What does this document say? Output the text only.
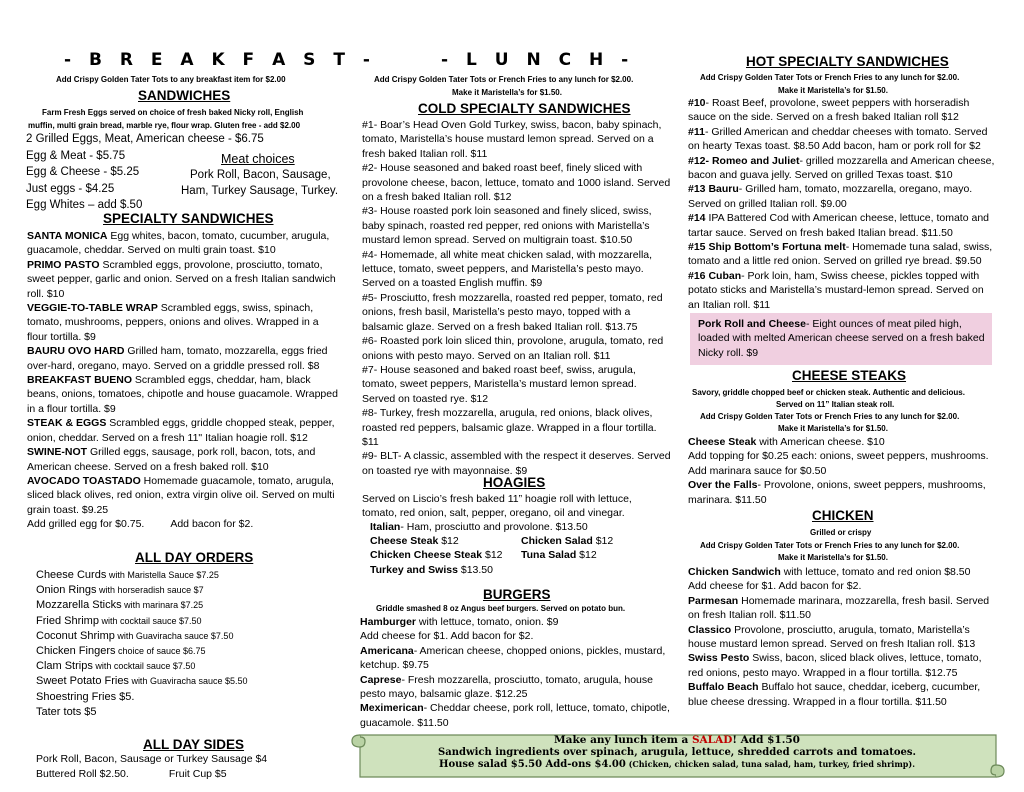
- B R E A K F A S T -
Add Crispy Golden Tater Tots to any breakfast item for $2.00
SANDWICHES
Farm Fresh Eggs served on choice of fresh baked Nicky roll, English
muffin, multi grain bread, marble rye, flour wrap. Gluten free - add $2.00
2 Grilled Eggs, Meat, American cheese - $6.75
Egg & Meat - $5.75
Egg & Cheese - $5.25
Just eggs - $4.25
Egg Whites – add $.50
Meat choices
Pork Roll, Bacon, Sausage,
Ham, Turkey Sausage, Turkey.
SPECIALTY SANDWICHES
SANTA MONICA Egg whites, bacon, tomato, cucumber, arugula, guacamole, cheddar. Served on multi grain toast. $10
PRIMO PASTO Scrambled eggs, provolone, prosciutto, tomato, sweet pepper, garlic and onion. Served on a fresh Italian sandwich roll. $10
VEGGIE-TO-TABLE WRAP Scrambled eggs, swiss, spinach, tomato, mushrooms, peppers, onions and olives. Wrapped in a flour tortilla. $9
BAURU OVO HARD Grilled ham, tomato, mozzarella, eggs fried over-hard, oregano, mayo. Served on a griddle pressed roll. $8
BREAKFAST BUENO Scrambled eggs, cheddar, ham, black beans, onions, tomatoes, chipotle and house guacamole. Wrapped in a flour tortilla. $9
STEAK & EGGS Scrambled eggs, griddle chopped steak, pepper, onion, cheddar. Served on a fresh 11" Italian hoagie roll. $12
SWINE-NOT Grilled eggs, sausage, pork roll, bacon, tots, and American cheese. Served on a fresh baked roll. $10
AVOCADO TOASTADO Homemade guacamole, tomato, arugula, sliced black olives, red onion, extra virgin olive oil. Served on multi grain toast. $9.25
Add grilled egg for $0.75. Add bacon for $2.
ALL DAY ORDERS
Cheese Curds with Maristella Sauce $7.25
Onion Rings with horseradish sauce $7
Mozzarella Sticks with marinara $7.25
Fried Shrimp with cocktail sauce $7.50
Coconut Shrimp with Guaviracha sauce $7.50
Chicken Fingers choice of sauce $6.75
Clam Strips with cocktail sauce $7.50
Sweet Potato Fries with Guaviracha sauce $5.50
Shoestring Fries $5.
Tater tots $5
ALL DAY SIDES
Pork Roll, Bacon, Sausage or Turkey Sausage $4
Buttered Roll $2.50.	Fruit Cup $5
- L U N C H -
Add Crispy Golden Tater Tots or French Fries to any lunch for $2.00.
Make it Maristella’s for $1.50.
COLD SPECIALTY SANDWICHES
#1- Boar’s Head Oven Gold Turkey, swiss, bacon, baby spinach, tomato, Maristella’s house mustard lemon spread. Served on a fresh baked Italian roll. $11
#2- House seasoned and baked roast beef, finely sliced with provolone cheese, bacon, lettuce, tomato and 1000 island. Served on a fresh baked Italian roll. $12
#3- House roasted pork loin seasoned and finely sliced, swiss, baby spinach, roasted red pepper, red onions with Maristella’s mustard lemon spread. Served on multigrain toast. $10.50
#4- Homemade, all white meat chicken salad, with mozzarella, lettuce, tomato, sweet peppers, and Maristella’s pesto mayo. Served on a toasted English muffin. $9
#5- Prosciutto, fresh mozzarella, roasted red pepper, tomato, red onions, fresh basil, Maristella’s pesto mayo, topped with a balsamic glaze. Served on a fresh baked Italian roll. $13.75
#6- Roasted pork loin sliced thin, provolone, arugula, tomato, red onions with pesto mayo. Served on an Italian roll. $11
#7- House seasoned and baked roast beef, swiss, arugula, tomato, sweet peppers, Maristella’s mustard lemon spread. Served on toasted rye. $12
#8- Turkey, fresh mozzarella, arugula, red onions, black olives, roasted red peppers, balsamic glaze. Wrapped in a flour tortilla. $11
#9- BLT- A classic, assembled with the respect it deserves. Served on toasted rye with mayonnaise. $9
HOAGIES
Served on Liscio’s fresh baked 11” hoagie roll with lettuce, tomato, red onion, salt, pepper, oregano, oil and vinegar.
Italian- Ham, prosciutto and provolone. $13.50
Cheese Steak $12	Chicken Salad $12
Chicken Cheese Steak $12 Tuna Salad $12
Turkey and Swiss $13.50
BURGERS
Griddle smashed 8 oz Angus beef burgers. Served on potato bun.
Hamburger with lettuce, tomato, onion. $9
Add cheese for $1. Add bacon for $2.
Americana- American cheese, chopped onions, pickles, mustard, ketchup. $9.75
Caprese- Fresh mozzarella, prosciutto, tomato, arugula, house pesto mayo, balsamic glaze. $12.25
Meximerican- Cheddar cheese, pork roll, lettuce, tomato, chipotle, guacamole. $11.50
HOT SPECIALTY SANDWICHES
Add Crispy Golden Tater Tots or French Fries to any lunch for $2.00.
Make it Maristella’s for $1.50.
#10- Roast Beef, provolone, sweet peppers with horseradish sauce on the side. Served on a fresh baked Italian roll $12
#11- Grilled American and cheddar cheeses with tomato. Served on hearty Texas toast. $8.50 Add bacon, ham or pork roll for $2
#12- Romeo and Juliet- grilled mozzarella and American cheese, bacon and guava jelly. Served on grilled Texas toast. $10
#13 Bauru- Grilled ham, tomato, mozzarella, oregano, mayo. Served on grilled Italian roll. $9.00
#14 IPA Battered Cod with American cheese, lettuce, tomato and tartar sauce. Served on fresh baked Italian bread. $11.50
#15 Ship Bottom’s Fortuna melt- Homemade tuna salad, swiss, tomato and a little red onion. Served on grilled rye bread. $9.50
#16 Cuban- Pork loin, ham, Swiss cheese, pickles topped with potato sticks and Maristella’s mustard-lemon spread. Served on an Italian roll. $11
Pork Roll and Cheese- Eight ounces of meat piled high, loaded with melted American cheese served on a fresh baked Nicky roll. $9
CHEESE STEAKS
Savory, griddle chopped beef or chicken steak. Authentic and delicious.
Served on 11” Italian steak roll.
Add Crispy Golden Tater Tots or French Fries to any lunch for $2.00.
Make it Maristella’s for $1.50.
Cheese Steak with American cheese. $10
Add topping for $0.25 each: onions, sweet peppers, mushrooms.
Add marinara sauce for $0.50
Over the Falls- Provolone, onions, sweet peppers, mushrooms, marinara. $11.50
CHICKEN
Grilled or crispy
Add Crispy Golden Tater Tots or French Fries to any lunch for $2.00.
Make it Maristella’s for $1.50.
Chicken Sandwich with lettuce, tomato and red onion $8.50
Add cheese for $1. Add bacon for $2.
Parmesan Homemade marinara, mozzarella, fresh basil. Served on fresh Italian roll. $11.50
Classico Provolone, prosciutto, arugula, tomato, Maristella’s house mustard lemon spread. Served on fresh Italian roll. $13
Swiss Pesto Swiss, bacon, sliced black olives, lettuce, tomato, red onions, pesto mayo. Wrapped in a flour tortilla. $12.75
Buffalo Beach Buffalo hot sauce, cheddar, iceberg, cucumber, blue cheese dressing. Wrapped in a flour tortilla. $11.50
Make any lunch item a SALAD! Add $1.50
Sandwich ingredients over spinach, arugula, lettuce, shredded carrots and tomatoes.
House salad $5.50 Add-ons $4.00 (Chicken, chicken salad, tuna salad, ham, turkey, fried shrimp).
